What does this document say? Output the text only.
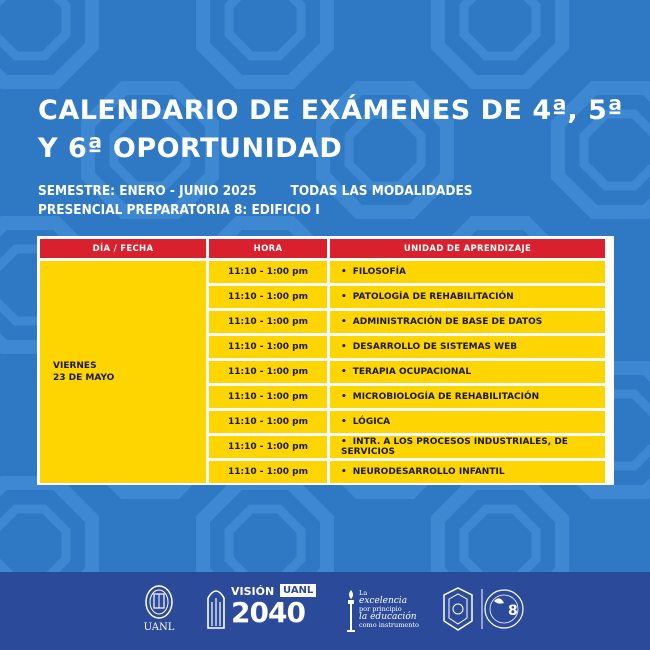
CALENDARIO DE EXÁMENES DE 4ª, 5ª
Y 6ª OPORTUNIDAD
SEMESTRE: ENERO - JUNIO 2025	TODAS LAS MODALIDADES
PRESENCIAL PREPARATORIA 8: EDIFICIO I
DÍA / FECHA	HORA	UNIDAD DE APRENDIZAJE

VIERNES
23 DE MAYO	11:10 - 1:00 pm	• FILOSOFÍA

	11:10 - 1:00 pm	• PATOLOGÍA DE REHABILITACIÓN

	11:10 - 1:00 pm	• ADMINISTRACIÓN DE BASE DE DATOS

	11:10 - 1:00 pm	• DESARROLLO DE SISTEMAS WEB

	11:10 - 1:00 pm	• TERAPIA OCUPACIONAL

	11:10 - 1:00 pm	• MICROBIOLOGÍA DE REHABILITACIÓN

	11:10 - 1:00 pm	• LÓGICA

	11:10 - 1:00 pm	• INTR. A LOS PROCESOS INDUSTRIALES, DE SERVICIOS

	11:10 - 1:00 pm	• NEURODESARROLLO INFANTIL
UANL
VISIÓN UANL
2040
La
excelencia
por principio
la educación
como instrumento
8
